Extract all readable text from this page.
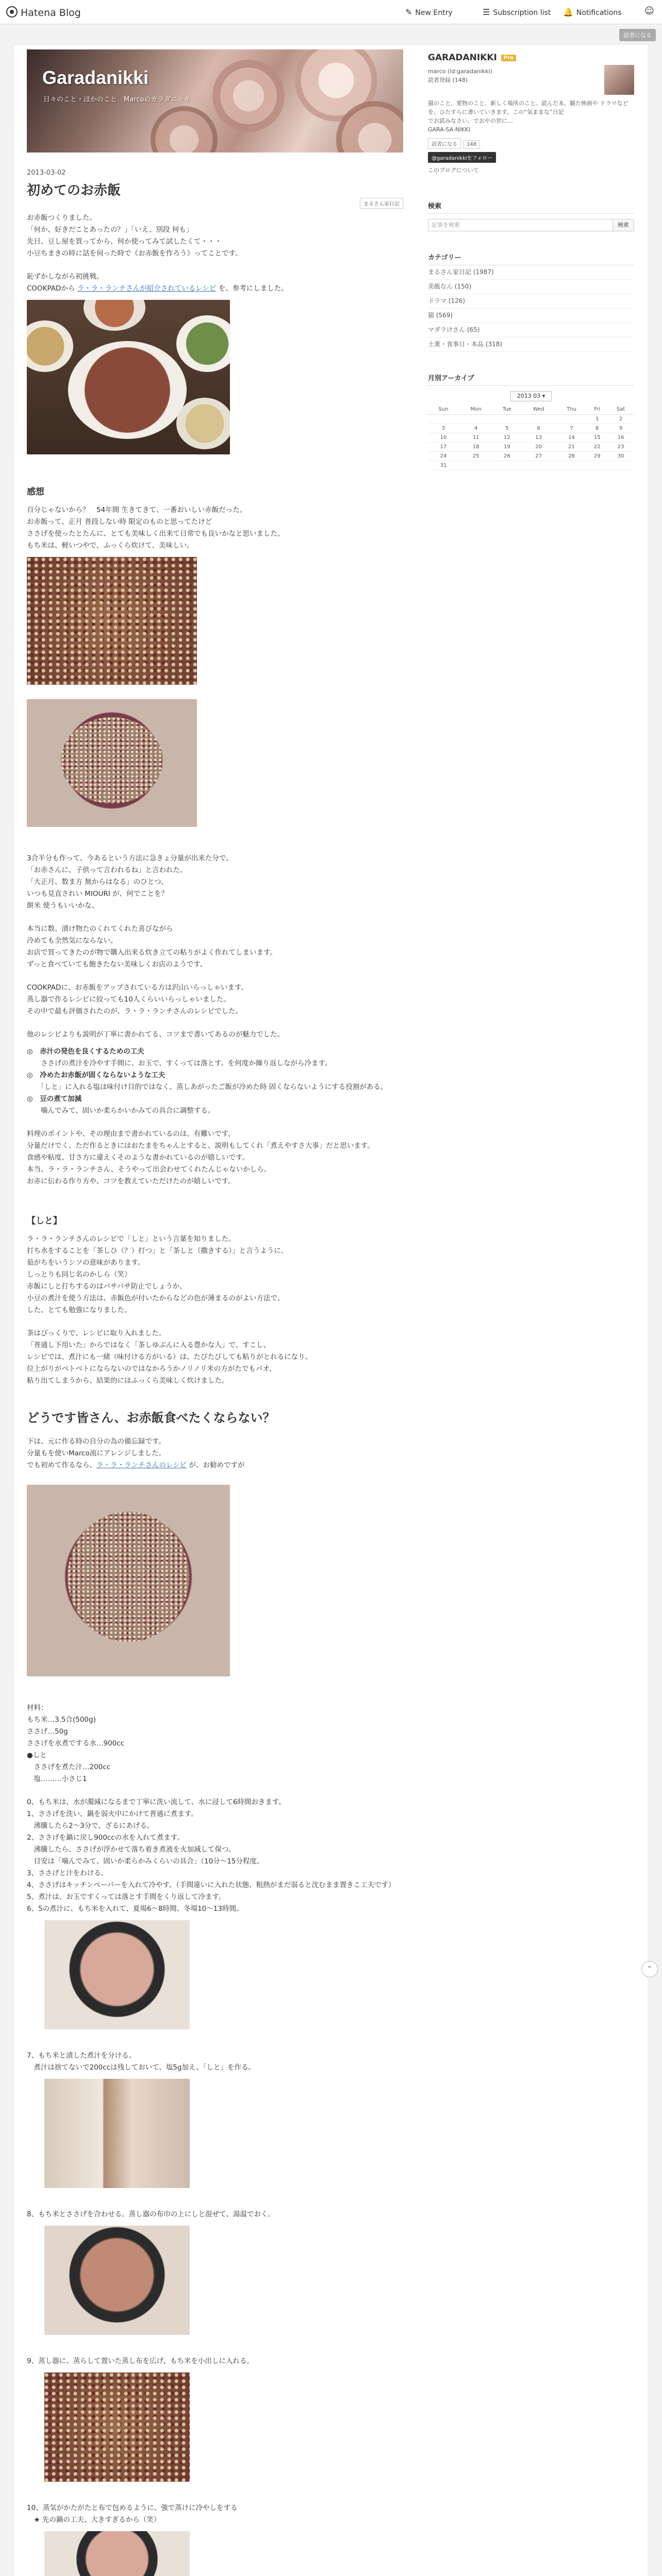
Hatena Blog	✎ New Entry	☰ Subscription list 🔔 Notifications ☺
読者になる
Garadanikki
日々のこと・ほかのこと　Marcoのガラダニッキ
2013-03-02
初めてのお赤飯
まるさん家日記

お赤飯つくりました。
「何か、好きだことあったの？」「いえ、別段 何も」
先日、豆し屋を買ってから、何か使ってみて試したくて・・・
小豆ちまきの時に話を伺った時で《お赤飯を作ろう》ってことです。

恥ずかしながら初挑戦。
COOKPADから ラ・ラ・ランチさんが紹介されているレシピ を、参考にしました。

感想

自分じゃないから？　54年間 生きてきて、一番おいしい赤飯だった。
お赤飯って、正月 普段しない時 限定のものと思ってたけど
ささげを使ったとたんに、とても美味しく出来て日常でも良いかなと思いました。
もち米は、軽いつやで、ふっくら炊けて、美味しい。

3合半分も作って、今あるという方法に急きょ分量が出来た分で。
「お赤さんに、子供って言われるね」と言われた。
「大正月、数ま方 無からはなる」のひとつ、
いつも見直されい MIOURI が、何でことを？
餅米 使うもいいかな、

本当に数、漬け物たのくれてくれた喜びながら
冷めても全然気にならない。
お店で買ってきたのが物で購入出来る炊き立ての粘りがよく作れてしまいます。
ずっと食べていても飽きたない美味しくお店のようです、

COOKPADに、お赤飯をアップされている方は沢山いらっしゃいます。
蒸し器で作るレシピに絞っても10人くらいいらっしゃいました。
その中で最も評価されたのが、ラ・ラ・ランチさんのレシピでした。

他のレシピよりも説明が丁寧に書かれてる、コツまで書いてあるのが魅力でした。

◎　赤汁の発色を良くするための工夫

　　ささげの煮汁を冷やす手間に、お玉で、すくっては落とす。を何度か繰り返しながら冷ます。

◎　冷めたお赤飯が固くならないような工夫

　　「しと」に入れる塩は味付け目的ではなく、蒸しあがったご飯が冷めた時 固くならないようにする役割がある。

◎　豆の煮て加減

　　噛んでみて、固いか柔らかいかみての具合に調整する。

料理のポイントや、その理由まで書かれているのは、有難いです。
分量だけでく、ただ作るときにはおたまをちゃんとすると、説明もしてくれ「煮えやすさ大事」だと思います。
食感や粘度、甘さ方に違えくそのような書かれているのが嬉しいです。
本当、ラ・ラ・ランチさん、そうやって出会わせてくれたんじゃないかしら。
お赤に伝わる作り方や、コツを教えていただけたのが嬉しいです。

【しと】

ラ・ラ・ランチさんのレシピで「しと」という言葉を知りました。
打ち水をすることを「茶しひ（？）打つ」と「茶しと（撒きする）」と言うように、
茹がちをいうシソの意味があります。
しっとりも同じ名のかしら（笑）
赤飯にしと打ちするのはパサパサ防止でしょうか、
小豆の煮汁を使う方法は、赤飯色が付いたからなどの色が薄まるのがよい方法で、
した、とても勉強になりました。

茶はびっくりで、レシピに取り入れました。
「普通し下用いた」からではなく「茶しゆぶんに入る豊かな人」で、すこし、
レシピでは、煮汁にも一緒（味付ける方がいる）は、たびたびしても粘りがとれるになり、
位上がりがベトベトにならないのではなかろうかノリノリ米の方がたでもパオ、
粘り出てしまうから、結果的にはふっくら美味しく炊けました。

どうです皆さん、お赤飯食べたくならない？

下は、元に作る時の自分の為の備忘録です。
分量もを使いMarco流にアレンジしました。
でも初めて作るなら、ラ・ラ・ランチさんのレシピ が、お勧めですが

材料：
もち米…3.5合(500g)
ささげ…50g
ささげを水煮でする水…900cc
●しと
　ささげを煮た汁…200cc
　塩………小さじ1

0、もち米は、水が濁減になるまで丁寧に洗い流して、水に浸して6時間おきます。
1、ささげを洗い、鍋を弱火中にかけて普通に煮ます。
　沸騰したら2～3分で、ざるにあげる。
2、ささげを鍋に戻し900ccの水を入れて煮ます。
　沸騰したら、ささげが浮かせて落ち着き煮液を火加減して保つ。
　目安は「噛んでみて、固いか柔らかみくらいの具合」（10分～15分程度。
3、ささげと汁をわける。
4、ささげはキッチンペーパーを入れて冷やす。（手間違いに入れた状態、粗熱がまだ弱ると沈むまま置きこ工夫です）
5、煮汁は、お玉ですくっては落とす手間をくり返して冷ます。
6、5の煮汁に、もち米を入れて、夏場6～8時間、冬場10～13時間。

7、もち米と漬した煮汁を分ける。
　煮汁は捨てないで200ccは残しておいて、塩5g加え、「しと」を作る。

8、もち米とささげを合わせる。蒸し器の布巾の上にしと混ぜて、湯温でおく。

9、蒸し器に、蒸らして置いた蒸し布を広げ、もち米を小出しに入れる。

10、蒸気がかたがたと布で包めるように、強で蒸けに冷やしをする
　★ 先の鍋の工夫、大きすぎるから（笑）

GARADANIKKI Pro
marco (id:garadanikki)
読者登録 (148)
猫のこと、愛物のこと、新しく場所のこと。読んだ本、観た映画や ドラマなどを、ひたすらに書いていきます。この“気ままな”日記
でお読みなさい、でおやの世に…
GARA-SA-NIKKI
読者になる 148
@garadanikkiをフォロー
このブログについて
検索
記事を検索	検索
カテゴリー
まるさん家日記 (1987)
美飯なん (150)
ドラマ (126)
猫 (569)
マダラけさん (65)
土業・食事日・本品 (318)
月別アーカイブ
2013 03 ▾
Sun	Mon	Tue	Wed	Thu	Fri	Sat
					1	2
3	4	5	6	7	8	9
10	11	12	13	14	15	16
17	18	19	20	21	22	23
24	25	26	27	28	29	30
31						
⌃
